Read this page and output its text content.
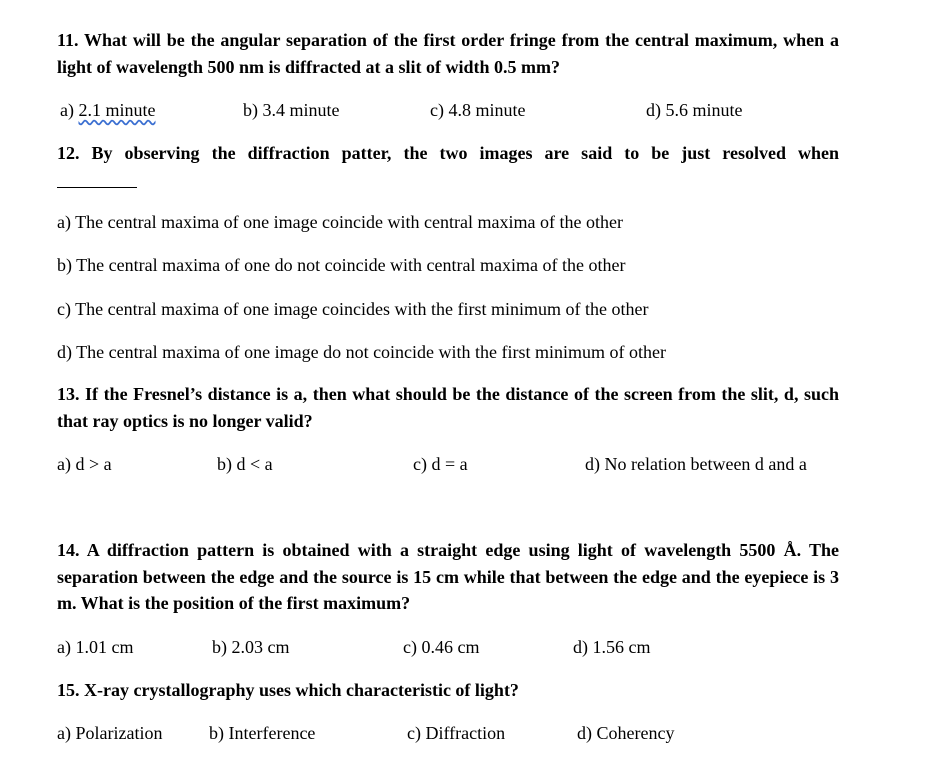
11. What will be the angular separation of the first order fringe from the central maximum, when a light of wavelength 500 nm is diffracted at a slit of width 0.5 mm?
a) 2.1 minute	b) 3.4 minute	c) 4.8 minute	d) 5.6 minute
12. By observing the diffraction patter, the two images are said to be just resolved when
a) The central maxima of one image coincide with central maxima of the other
b) The central maxima of one do not coincide with central maxima of the other
c) The central maxima of one image coincides with the first minimum of the other
d) The central maxima of one image do not coincide with the first minimum of other
13. If the Fresnel’s distance is a, then what should be the distance of the screen from the slit, d, such that ray optics is no longer valid?
a) d > a	b) d < a	c) d = a	d) No relation between d and a
14. A diffraction pattern is obtained with a straight edge using light of wavelength 5500 Å. The separation between the edge and the source is 15 cm while that between the edge and the eyepiece is 3 m. What is the position of the first maximum?
a) 1.01 cm	b) 2.03 cm	c) 0.46 cm	d) 1.56 cm
15. X-ray crystallography uses which characteristic of light?
a) Polarization	b) Interference	c) Diffraction	d) Coherency
